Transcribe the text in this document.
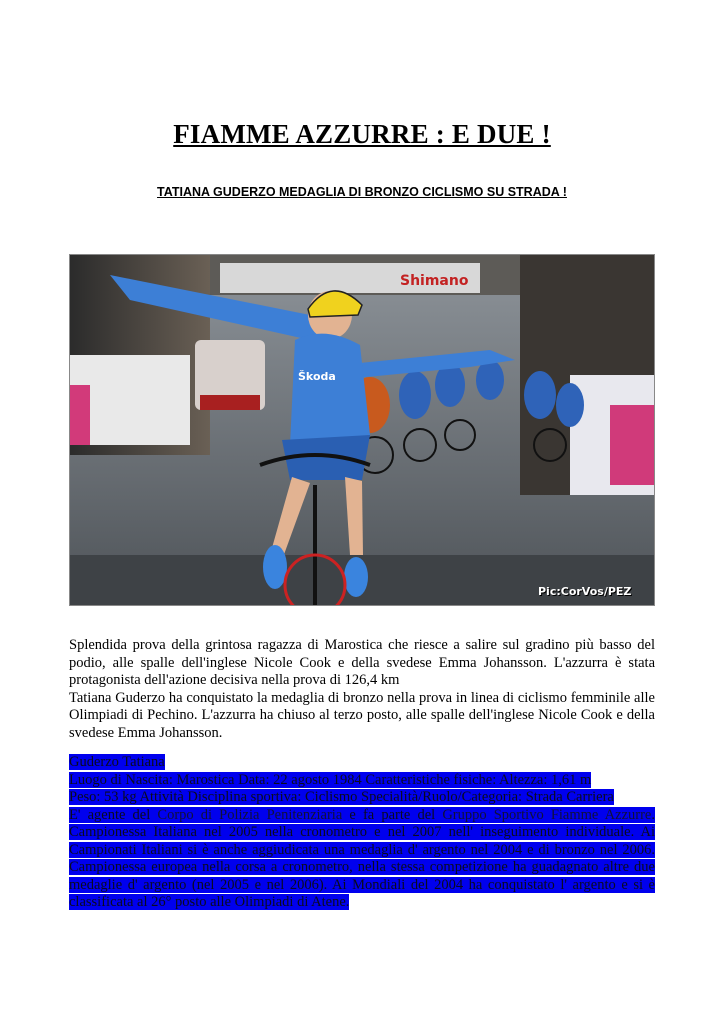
FIAMME AZZURRE : E DUE !
TATIANA GUDERZO MEDAGLIA DI BRONZO CICLISMO SU STRADA !
Shimano
Škoda
Pic:CorVos/PEZ

Splendida prova della grintosa ragazza di Marostica che riesce a salire sul gradino più basso del podio, alle spalle dell'inglese Nicole Cook e della svedese Emma Johansson. L'azzurra è stata protagonista dell'azione decisiva nella prova di 126,4 km

Tatiana Guderzo ha conquistato la medaglia di bronzo nella prova in linea di ciclismo femminile alle Olimpiadi di Pechino. L'azzurra ha chiuso al terzo posto, alle spalle dell'inglese Nicole Cook e della svedese Emma Johansson.

Guderzo Tatiana

Luogo di Nascita: Marostica Data: 22 agosto 1984 Caratteristiche fisiche: Altezza: 1,61 m

Peso: 53 kg Attività Disciplina sportiva: Ciclismo Specialità/Ruolo/Categoria: Strada Carriera

E' agente del Corpo di Polizia Penitenziaria e fa parte del Gruppo Sportivo Fiamme Azzurre. Campionessa Italiana nel 2005 nella cronometro e nel 2007 nell' inseguimento individuale. Ai Campionati Italiani si è anche aggiudicata una medaglia d' argento nel 2004 e di bronzo nel 2006. Campionessa europea nella corsa a cronometro, nella stessa competizione ha guadagnato altre due medaglie d' argento (nel 2005 e nel 2006). Ai Mondiali del 2004 ha conquistato l' argento e si è classificata al 26° posto alle Olimpiadi di Atene.
